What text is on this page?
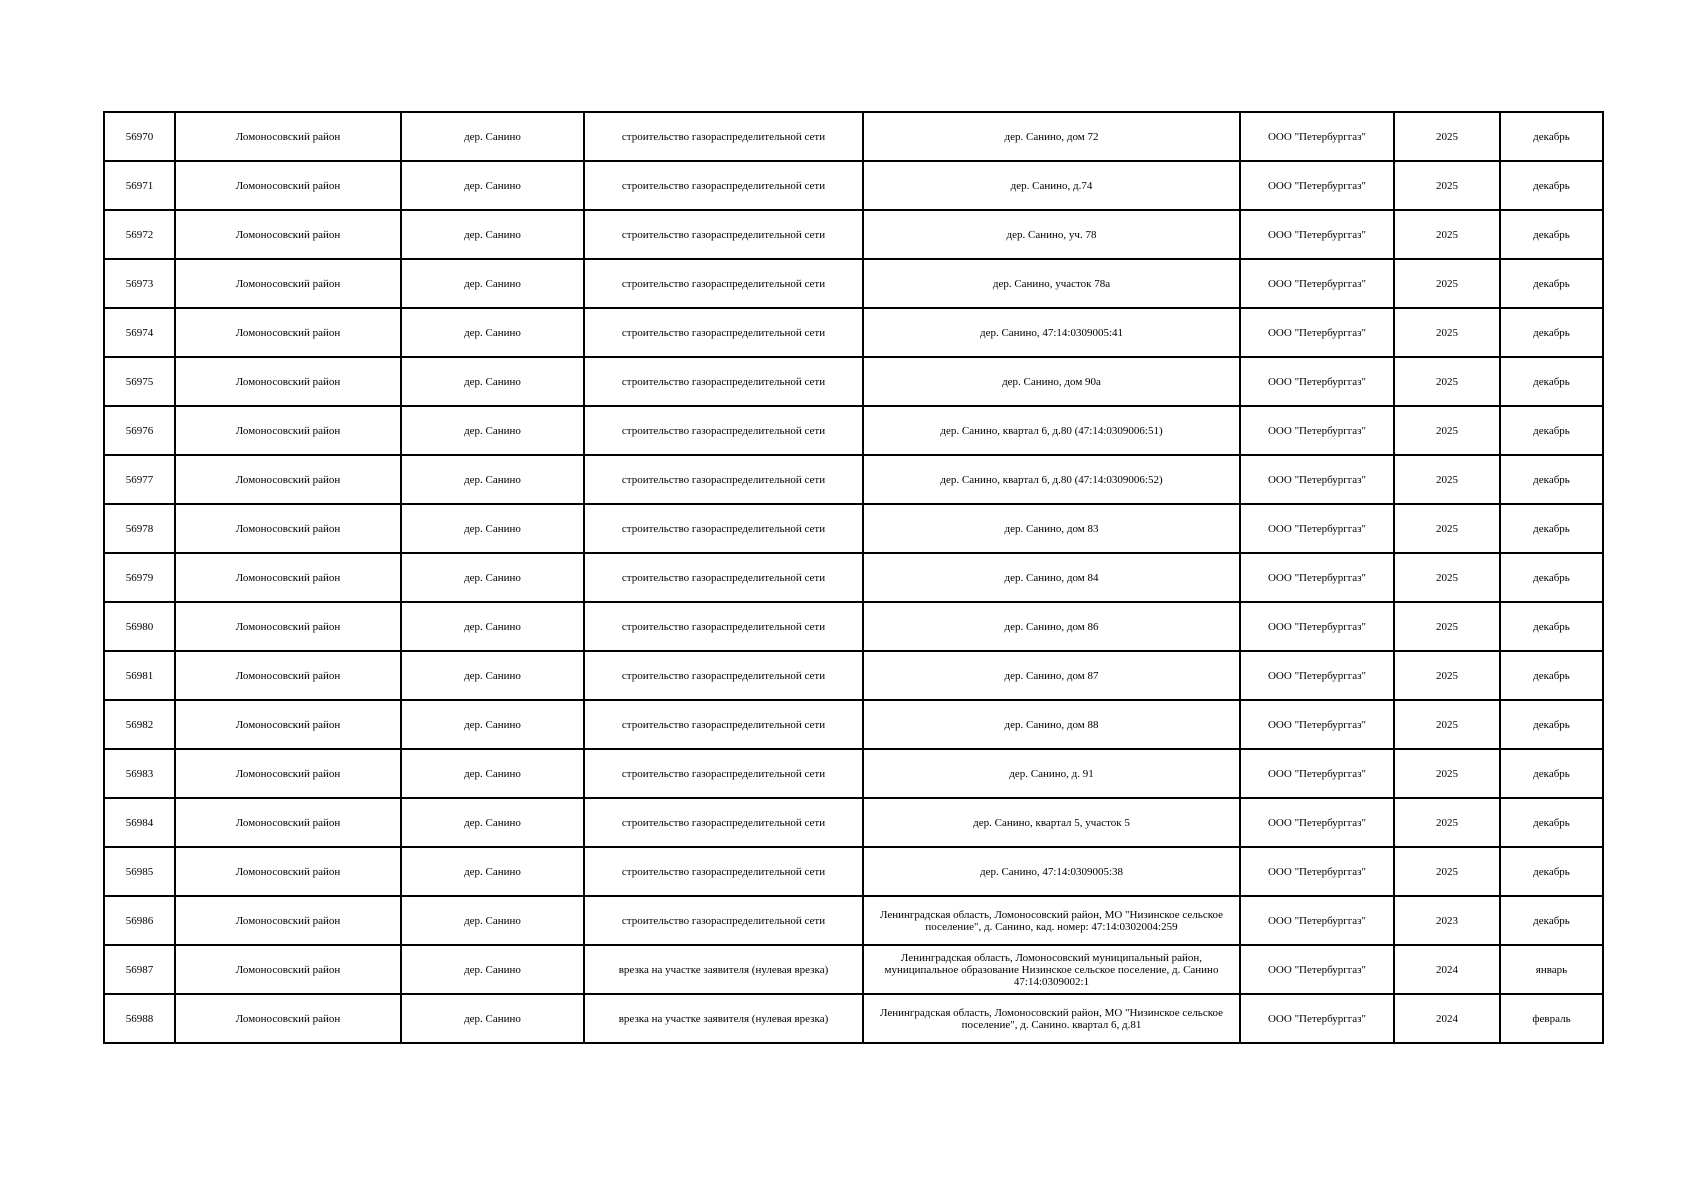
56970	Ломоносовский район	дер. Санино	строительство газораспределительной сети	дер. Санино, дом 72	ООО "Петербурггаз"	2025	декабрь
56971	Ломоносовский район	дер. Санино	строительство газораспределительной сети	дер. Санино, д.74	ООО "Петербурггаз"	2025	декабрь
56972	Ломоносовский район	дер. Санино	строительство газораспределительной сети	дер. Санино, уч. 78	ООО "Петербурггаз"	2025	декабрь
56973	Ломоносовский район	дер. Санино	строительство газораспределительной сети	дер. Санино, участок 78а	ООО "Петербурггаз"	2025	декабрь
56974	Ломоносовский район	дер. Санино	строительство газораспределительной сети	дер. Санино, 47:14:0309005:41	ООО "Петербурггаз"	2025	декабрь
56975	Ломоносовский район	дер. Санино	строительство газораспределительной сети	дер. Санино, дом 90а	ООО "Петербурггаз"	2025	декабрь
56976	Ломоносовский район	дер. Санино	строительство газораспределительной сети	дер. Санино, квартал 6, д.80 (47:14:0309006:51)	ООО "Петербурггаз"	2025	декабрь
56977	Ломоносовский район	дер. Санино	строительство газораспределительной сети	дер. Санино, квартал 6, д.80 (47:14:0309006:52)	ООО "Петербурггаз"	2025	декабрь
56978	Ломоносовский район	дер. Санино	строительство газораспределительной сети	дер. Санино, дом 83	ООО "Петербурггаз"	2025	декабрь
56979	Ломоносовский район	дер. Санино	строительство газораспределительной сети	дер. Санино, дом 84	ООО "Петербурггаз"	2025	декабрь
56980	Ломоносовский район	дер. Санино	строительство газораспределительной сети	дер. Санино, дом 86	ООО "Петербурггаз"	2025	декабрь
56981	Ломоносовский район	дер. Санино	строительство газораспределительной сети	дер. Санино, дом 87	ООО "Петербурггаз"	2025	декабрь
56982	Ломоносовский район	дер. Санино	строительство газораспределительной сети	дер. Санино, дом 88	ООО "Петербурггаз"	2025	декабрь
56983	Ломоносовский район	дер. Санино	строительство газораспределительной сети	дер. Санино, д. 91	ООО "Петербурггаз"	2025	декабрь
56984	Ломоносовский район	дер. Санино	строительство газораспределительной сети	дер. Санино, квартал 5, участок 5	ООО "Петербурггаз"	2025	декабрь
56985	Ломоносовский район	дер. Санино	строительство газораспределительной сети	дер. Санино, 47:14:0309005:38	ООО "Петербурггаз"	2025	декабрь
56986	Ломоносовский район	дер. Санино	строительство газораспределительной сети	Ленинградская область, Ломоносовский район, МО "Низинское сельское поселение", д. Санино, кад. номер: 47:14:0302004:259	ООО "Петербурггаз"	2023	декабрь
56987	Ломоносовский район	дер. Санино	врезка на участке заявителя (нулевая врезка)	Ленинградская область, Ломоносовский муниципальный район, муниципальное образование Низинское сельское поселение, д. Санино 47:14:0309002:1	ООО "Петербурггаз"	2024	январь
56988	Ломоносовский район	дер. Санино	врезка на участке заявителя (нулевая врезка)	Ленинградская область, Ломоносовский район, МО "Низинское сельское поселение", д. Санино. квартал 6, д.81	ООО "Петербурггаз"	2024	февраль
